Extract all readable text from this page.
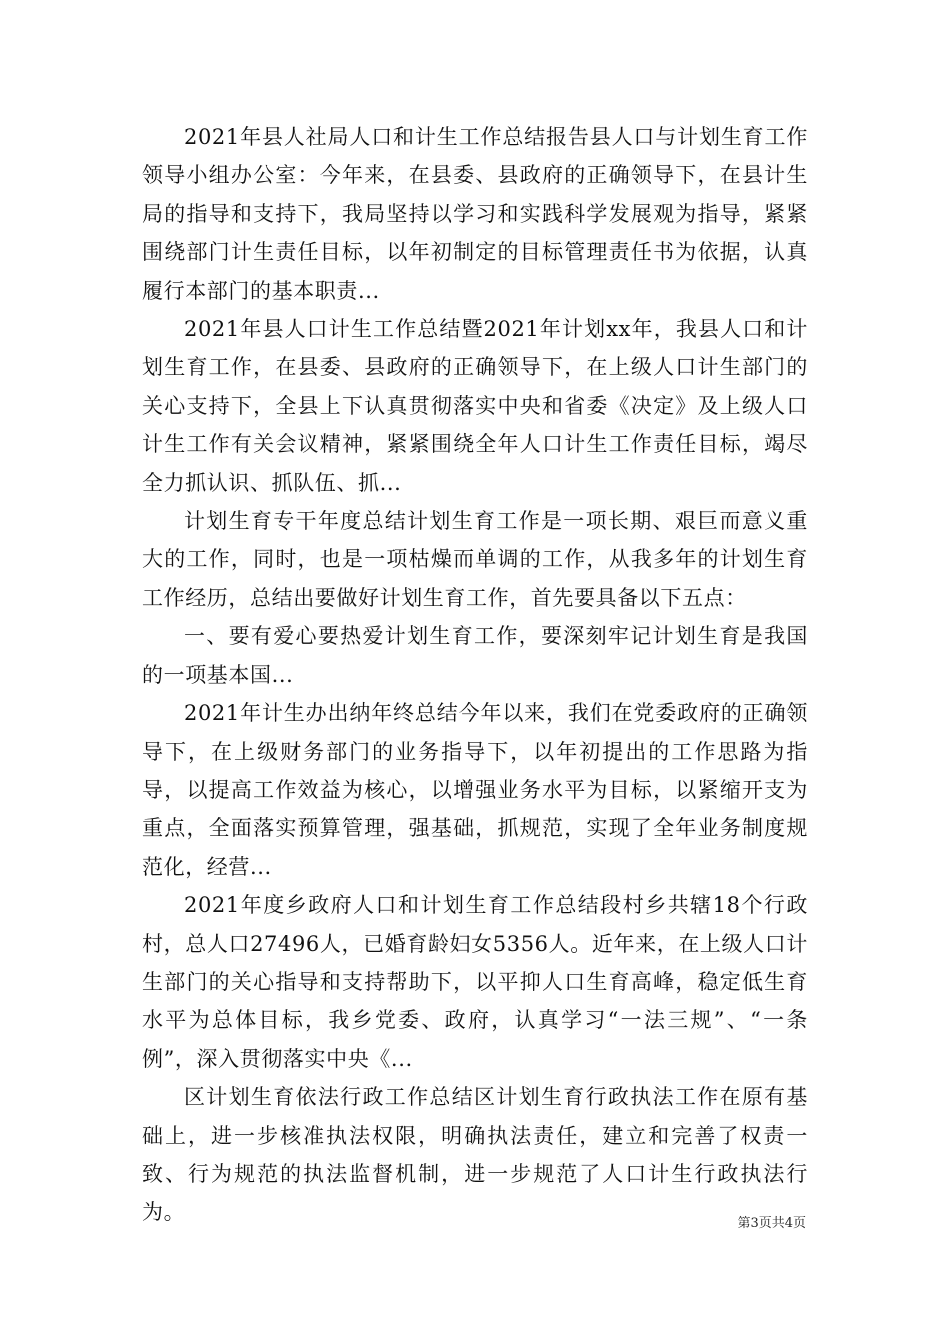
2021年县人社局人口和计生工作总结报告县人口与计划生育工作领导小组办公室：今年来，在县委、县政府的正确领导下，在县计生局的指导和支持下，我局坚持以学习和实践科学发展观为指导，紧紧围绕部门计生责任目标，以年初制定的目标管理责任书为依据，认真履行本部门的基本职责...

2021年县人口计生工作总结暨2021年计划xx年，我县人口和计划生育工作，在县委、县政府的正确领导下，在上级人口计生部门的关心支持下，全县上下认真贯彻落实中央和省委《决定》及上级人口计生工作有关会议精神，紧紧围绕全年人口计生工作责任目标，竭尽全力抓认识、抓队伍、抓...

计划生育专干年度总结计划生育工作是一项长期、艰巨而意义重大的工作，同时，也是一项枯燥而单调的工作，从我多年的计划生育工作经历，总结出要做好计划生育工作，首先要具备以下五点：

一、要有爱心要热爱计划生育工作，要深刻牢记计划生育是我国的一项基本国...

2021年计生办出纳年终总结今年以来，我们在党委政府的正确领导下，在上级财务部门的业务指导下，以年初提出的工作思路为指导，以提高工作效益为核心，以增强业务水平为目标，以紧缩开支为重点，全面落实预算管理，强基础，抓规范，实现了全年业务制度规范化，经营...

2021年度乡政府人口和计划生育工作总结段村乡共辖18个行政村，总人口27496人，已婚育龄妇女5356人。近年来，在上级人口计生部门的关心指导和支持帮助下，以平抑人口生育高峰，稳定低生育水平为总体目标，我乡党委、政府，认真学习“一法三规”、“一条例”，深入贯彻落实中央《...

区计划生育依法行政工作总结区计划生育行政执法工作在原有基础上，进一步核准执法权限，明确执法责任，建立和完善了权责一致、行为规范的执法监督机制，进一步规范了人口计生行政执法行为。	第3页共4页
